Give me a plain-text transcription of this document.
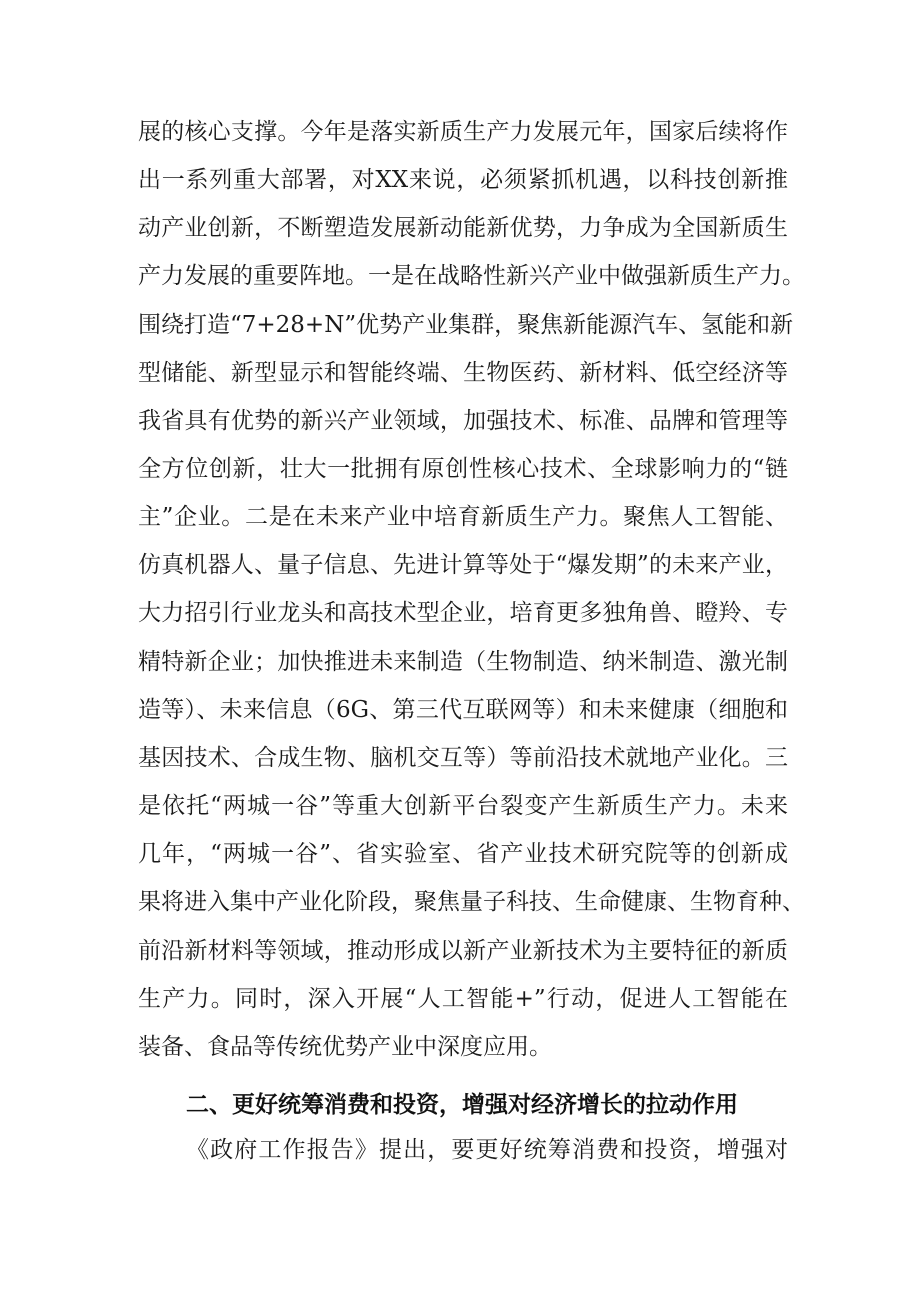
展的核心支撑。今年是落实新质生产力发展元年，国家后续将作
出一系列重大部署，对XX来说，必须紧抓机遇，以科技创新推
动产业创新，不断塑造发展新动能新优势，力争成为全国新质生
产力发展的重要阵地。一是在战略性新兴产业中做强新质生产力。
围绕打造“7+28+N”优势产业集群，聚焦新能源汽车、氢能和新
型储能、新型显示和智能终端、生物医药、新材料、低空经济等
我省具有优势的新兴产业领域，加强技术、标准、品牌和管理等
全方位创新，壮大一批拥有原创性核心技术、全球影响力的“链
主”企业。二是在未来产业中培育新质生产力。聚焦人工智能、
仿真机器人、量子信息、先进计算等处于“爆发期”的未来产业，
大力招引行业龙头和高技术型企业，培育更多独角兽、瞪羚、专
精特新企业；加快推进未来制造（生物制造、纳米制造、激光制
造等）、未来信息（6G、第三代互联网等）和未来健康（细胞和
基因技术、合成生物、脑机交互等）等前沿技术就地产业化。三
是依托“两城一谷”等重大创新平台裂变产生新质生产力。未来
几年，“两城一谷”、省实验室、省产业技术研究院等的创新成
果将进入集中产业化阶段，聚焦量子科技、生命健康、生物育种、
前沿新材料等领域，推动形成以新产业新技术为主要特征的新质
生产力。同时，深入开展“人工智能+”行动，促进人工智能在
装备、食品等传统优势产业中深度应用。
二、更好统筹消费和投资，增强对经济增长的拉动作用
《政府工作报告》提出，要更好统筹消费和投资，增强对
